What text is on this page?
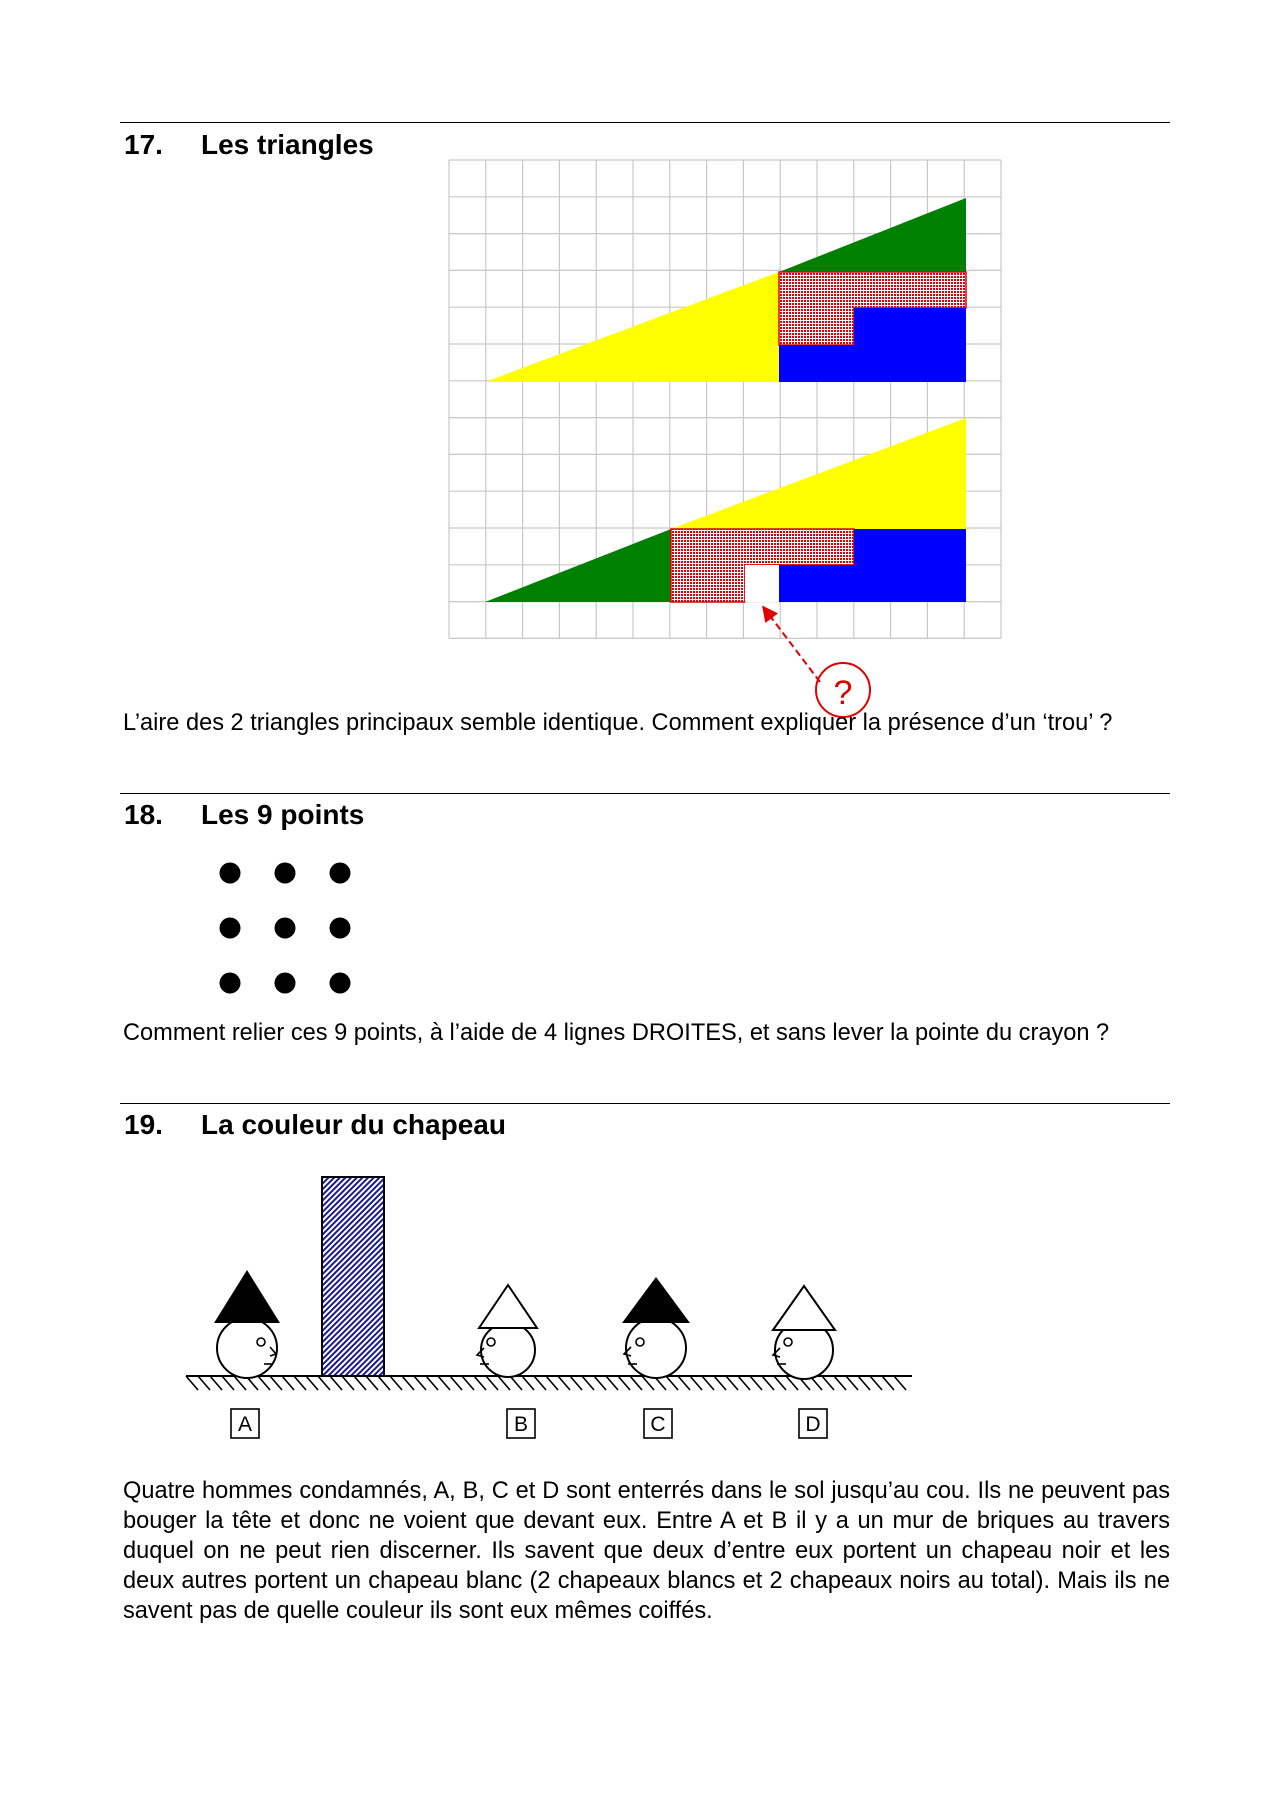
17. Les triangles
?
L’aire des 2 triangles principaux semble identique. Comment expliquer la présence d’un ‘trou’ ?
18. Les 9 points
Comment relier ces 9 points, à l’aide de 4 lignes DROITES, et sans lever la pointe du crayon ?
19. La couleur du chapeau
A	B	C	D
Quatre hommes condamnés, A, B, C et D sont enterrés dans le sol jusqu’au cou. Ils ne peuvent pas bouger la tête et donc ne voient que devant eux. Entre A et B il y a un mur de briques au travers duquel on ne peut rien discerner. Ils savent que deux d’entre eux portent un chapeau noir et les deux autres portent un chapeau blanc (2 chapeaux blancs et 2 chapeaux noirs au total). Mais ils ne savent pas de quelle couleur ils sont eux mêmes coiffés.
